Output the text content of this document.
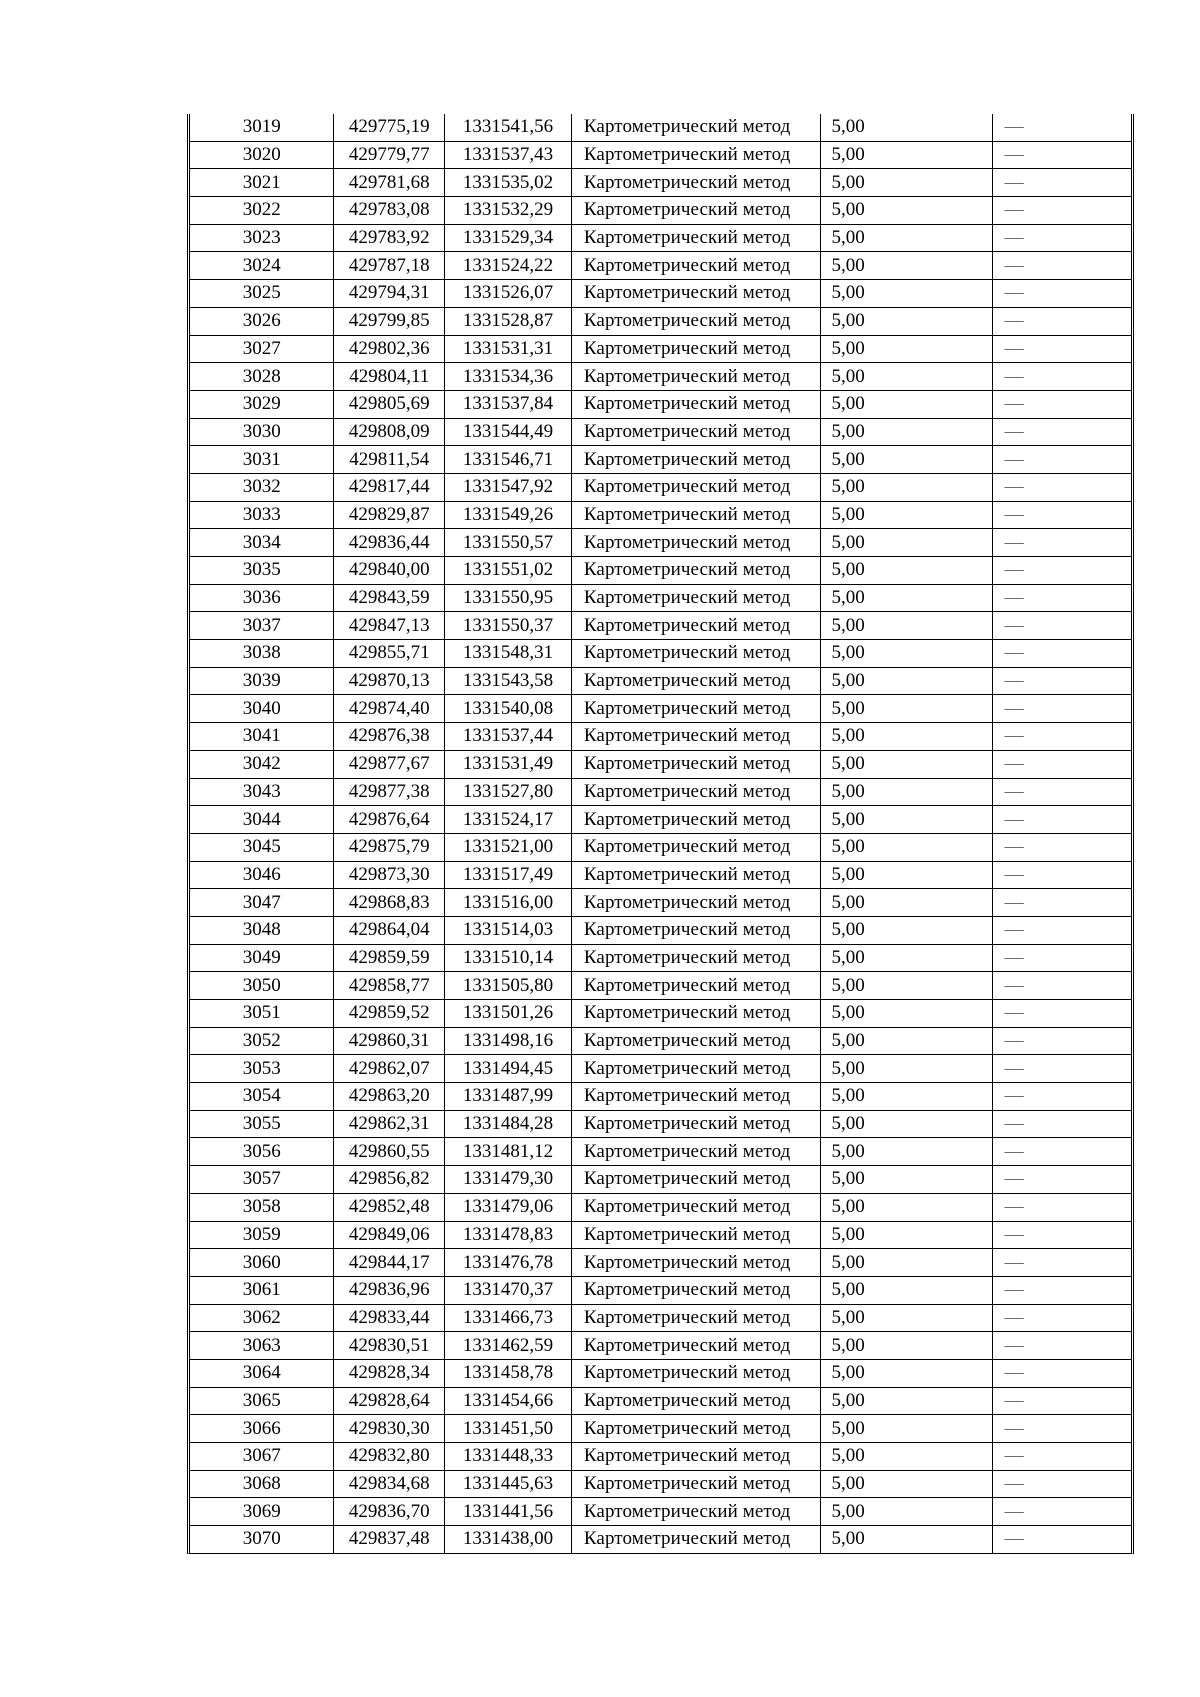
3019	429775,19	1331541,56	Картометрический метод	5,00	—
3020	429779,77	1331537,43	Картометрический метод	5,00	—
3021	429781,68	1331535,02	Картометрический метод	5,00	—
3022	429783,08	1331532,29	Картометрический метод	5,00	—
3023	429783,92	1331529,34	Картометрический метод	5,00	—
3024	429787,18	1331524,22	Картометрический метод	5,00	—
3025	429794,31	1331526,07	Картометрический метод	5,00	—
3026	429799,85	1331528,87	Картометрический метод	5,00	—
3027	429802,36	1331531,31	Картометрический метод	5,00	—
3028	429804,11	1331534,36	Картометрический метод	5,00	—
3029	429805,69	1331537,84	Картометрический метод	5,00	—
3030	429808,09	1331544,49	Картометрический метод	5,00	—
3031	429811,54	1331546,71	Картометрический метод	5,00	—
3032	429817,44	1331547,92	Картометрический метод	5,00	—
3033	429829,87	1331549,26	Картометрический метод	5,00	—
3034	429836,44	1331550,57	Картометрический метод	5,00	—
3035	429840,00	1331551,02	Картометрический метод	5,00	—
3036	429843,59	1331550,95	Картометрический метод	5,00	—
3037	429847,13	1331550,37	Картометрический метод	5,00	—
3038	429855,71	1331548,31	Картометрический метод	5,00	—
3039	429870,13	1331543,58	Картометрический метод	5,00	—
3040	429874,40	1331540,08	Картометрический метод	5,00	—
3041	429876,38	1331537,44	Картометрический метод	5,00	—
3042	429877,67	1331531,49	Картометрический метод	5,00	—
3043	429877,38	1331527,80	Картометрический метод	5,00	—
3044	429876,64	1331524,17	Картометрический метод	5,00	—
3045	429875,79	1331521,00	Картометрический метод	5,00	—
3046	429873,30	1331517,49	Картометрический метод	5,00	—
3047	429868,83	1331516,00	Картометрический метод	5,00	—
3048	429864,04	1331514,03	Картометрический метод	5,00	—
3049	429859,59	1331510,14	Картометрический метод	5,00	—
3050	429858,77	1331505,80	Картометрический метод	5,00	—
3051	429859,52	1331501,26	Картометрический метод	5,00	—
3052	429860,31	1331498,16	Картометрический метод	5,00	—
3053	429862,07	1331494,45	Картометрический метод	5,00	—
3054	429863,20	1331487,99	Картометрический метод	5,00	—
3055	429862,31	1331484,28	Картометрический метод	5,00	—
3056	429860,55	1331481,12	Картометрический метод	5,00	—
3057	429856,82	1331479,30	Картометрический метод	5,00	—
3058	429852,48	1331479,06	Картометрический метод	5,00	—
3059	429849,06	1331478,83	Картометрический метод	5,00	—
3060	429844,17	1331476,78	Картометрический метод	5,00	—
3061	429836,96	1331470,37	Картометрический метод	5,00	—
3062	429833,44	1331466,73	Картометрический метод	5,00	—
3063	429830,51	1331462,59	Картометрический метод	5,00	—
3064	429828,34	1331458,78	Картометрический метод	5,00	—
3065	429828,64	1331454,66	Картометрический метод	5,00	—
3066	429830,30	1331451,50	Картометрический метод	5,00	—
3067	429832,80	1331448,33	Картометрический метод	5,00	—
3068	429834,68	1331445,63	Картометрический метод	5,00	—
3069	429836,70	1331441,56	Картометрический метод	5,00	—
3070	429837,48	1331438,00	Картометрический метод	5,00	—
